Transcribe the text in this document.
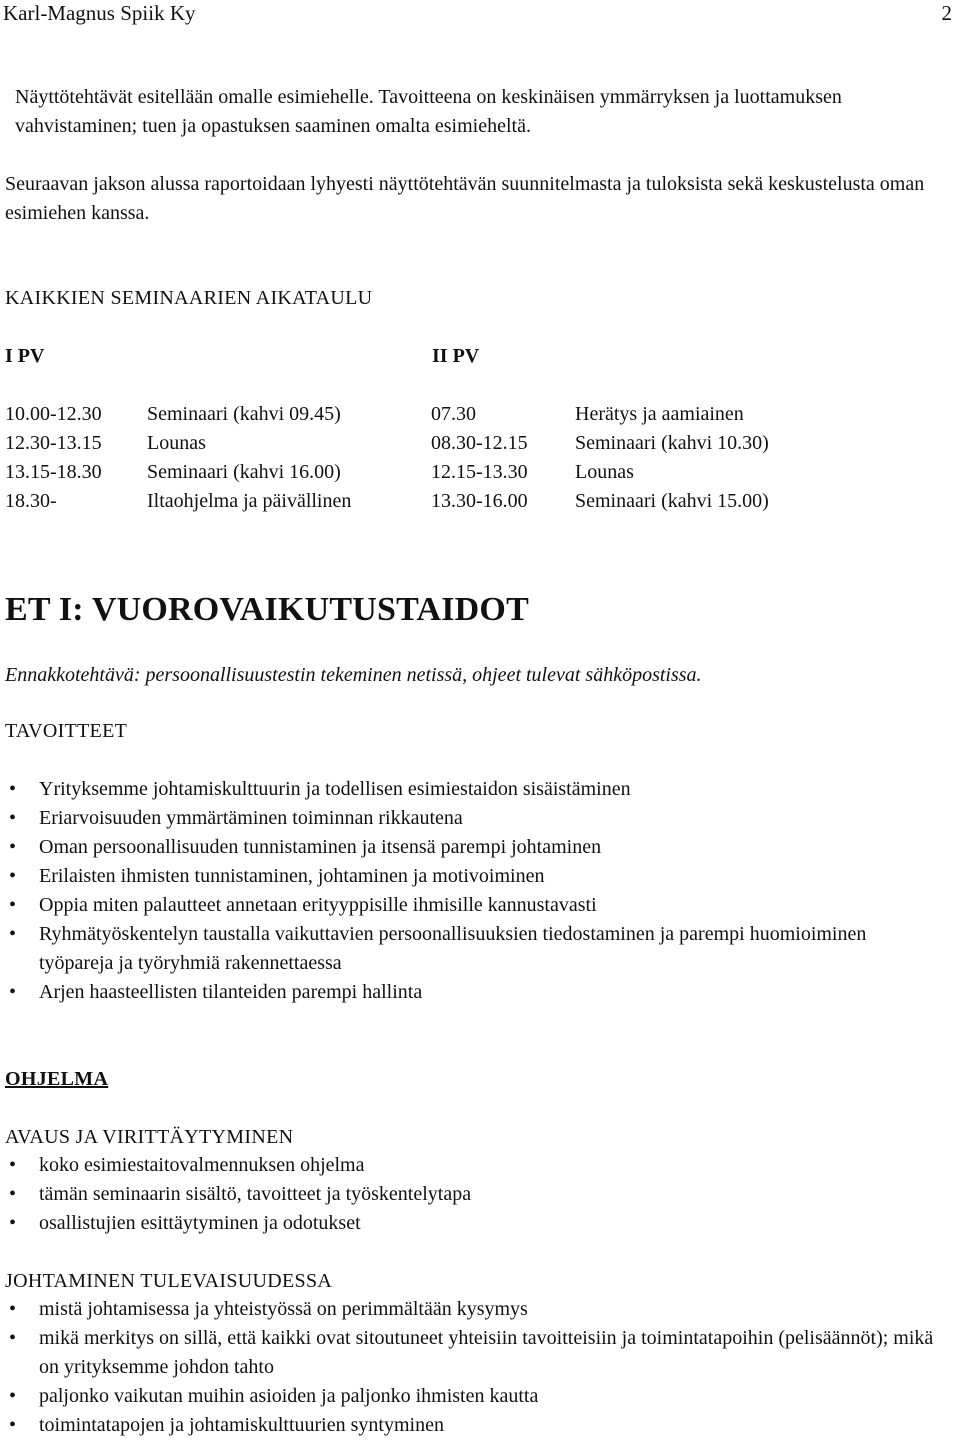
Karl-Magnus Spiik Ky	2

Näyttötehtävät esitellään omalle esimiehelle. Tavoitteena on keskinäisen ymmärryksen ja luottamuksen vahvistaminen; tuen ja opastuksen saaminen omalta esimieheltä.

Seuraavan jakson alussa raportoidaan lyhyesti näyttötehtävän suunnitelmasta ja tuloksista sekä keskustelusta oman esimiehen kanssa.

KAIKKIEN SEMINAARIEN AIKATAULU
I PV	II PV
10.00-12.30 Seminaari (kahvi 09.45)	07.30	Herätys ja aamiainen
12.30-13.15 Lounas	08.30-12.15 Seminaari (kahvi 10.30)
13.15-18.30 Seminaari (kahvi 16.00)	12.15-13.30 Lounas
18.30-	Iltaohjelma ja päivällinen	13.30-16.00 Seminaari (kahvi 15.00)
ET I: VUOROVAIKUTUSTAIDOT
Ennakkotehtävä: persoonallisuustestin tekeminen netissä, ohjeet tulevat sähköpostissa.
TAVOITTEET
• Yrityksemme johtamiskulttuurin ja todellisen esimiestaidon sisäistäminen
• Eriarvoisuuden ymmärtäminen toiminnan rikkautena
• Oman persoonallisuuden tunnistaminen ja itsensä parempi johtaminen
• Erilaisten ihmisten tunnistaminen, johtaminen ja motivoiminen
• Oppia miten palautteet annetaan erityyppisille ihmisille kannustavasti
• Ryhmätyöskentelyn taustalla vaikuttavien persoonallisuuksien tiedostaminen ja parempi huomioiminen työpareja ja työryhmiä rakennettaessa
• Arjen haasteellisten tilanteiden parempi hallinta
OHJELMA
AVAUS JA VIRITTÄYTYMINEN
• koko esimiestaitovalmennuksen ohjelma
• tämän seminaarin sisältö, tavoitteet ja työskentelytapa
• osallistujien esittäytyminen ja odotukset
JOHTAMINEN TULEVAISUUDESSA
• mistä johtamisessa ja yhteistyössä on perimmältään kysymys
• mikä merkitys on sillä, että kaikki ovat sitoutuneet yhteisiin tavoitteisiin ja toimintatapoihin (pelisäännöt); mikä on yrityksemme johdon tahto
• paljonko vaikutan muihin asioiden ja paljonko ihmisten kautta
• toimintatapojen ja johtamiskulttuurien syntyminen
